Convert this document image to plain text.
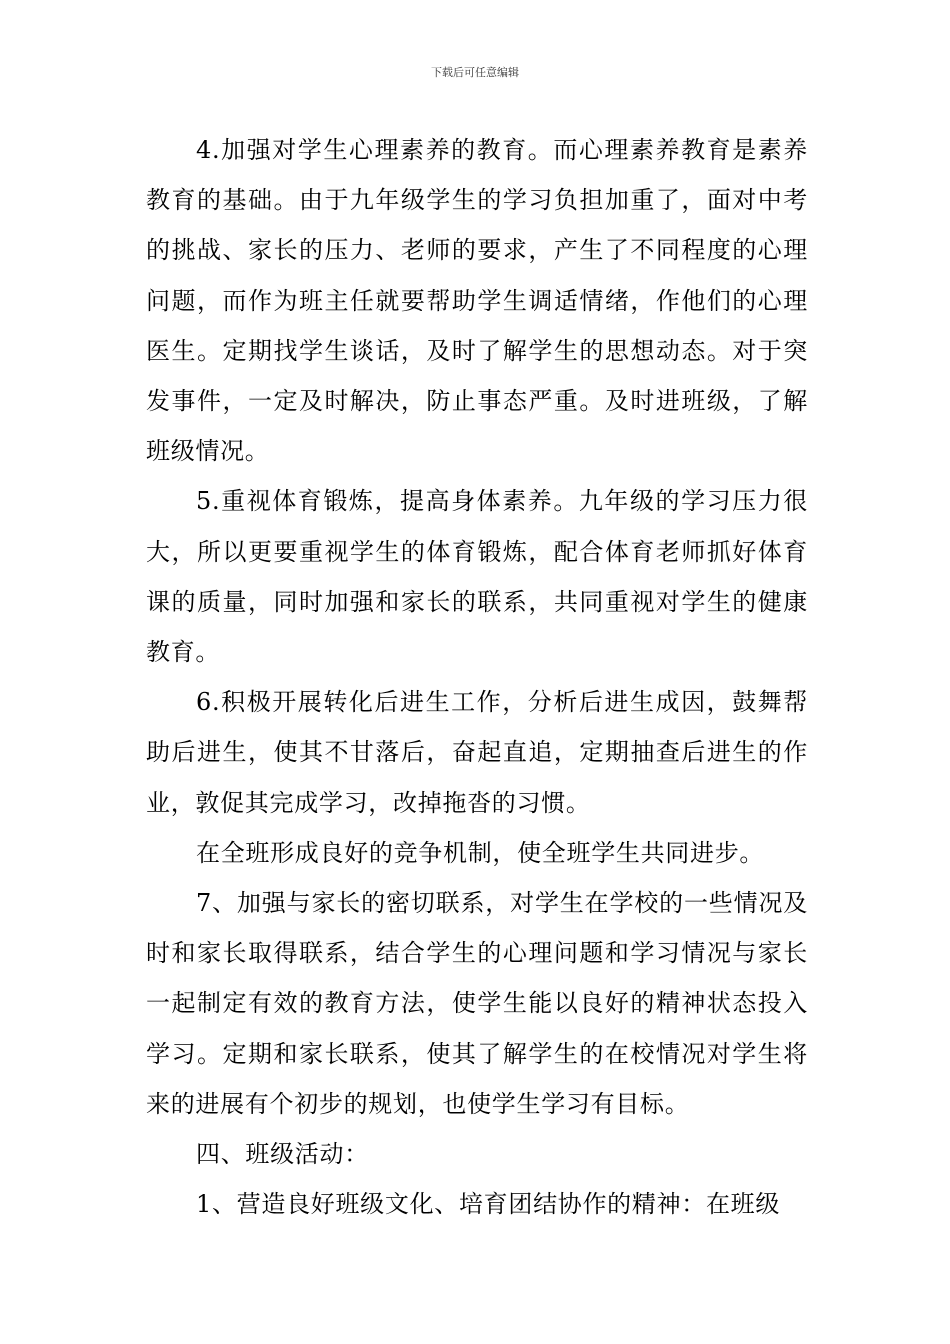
下载后可任意编辑

4.加强对学生心理素养的教育。而心理素养教育是素养教育的基础。由于九年级学生的学习负担加重了，面对中考的挑战、家长的压力、老师的要求，产生了不同程度的心理问题，而作为班主任就要帮助学生调适情绪，作他们的心理医生。定期找学生谈话，及时了解学生的思想动态。对于突发事件，一定及时解决，防止事态严重。及时进班级，了解班级情况。

5.重视体育锻炼，提高身体素养。九年级的学习压力很大，所以更要重视学生的体育锻炼，配合体育老师抓好体育课的质量，同时加强和家长的联系，共同重视对学生的健康教育。

6.积极开展转化后进生工作，分析后进生成因，鼓舞帮助后进生，使其不甘落后，奋起直追，定期抽查后进生的作业，敦促其完成学习，改掉拖沓的习惯。

在全班形成良好的竞争机制，使全班学生共同进步。

7、加强与家长的密切联系，对学生在学校的一些情况及时和家长取得联系，结合学生的心理问题和学习情况与家长一起制定有效的教育方法，使学生能以良好的精神状态投入学习。定期和家长联系，使其了解学生的在校情况对学生将来的进展有个初步的规划，也使学生学习有目标。

四、班级活动：

1、营造良好班级文化、培育团结协作的精神：在班级
